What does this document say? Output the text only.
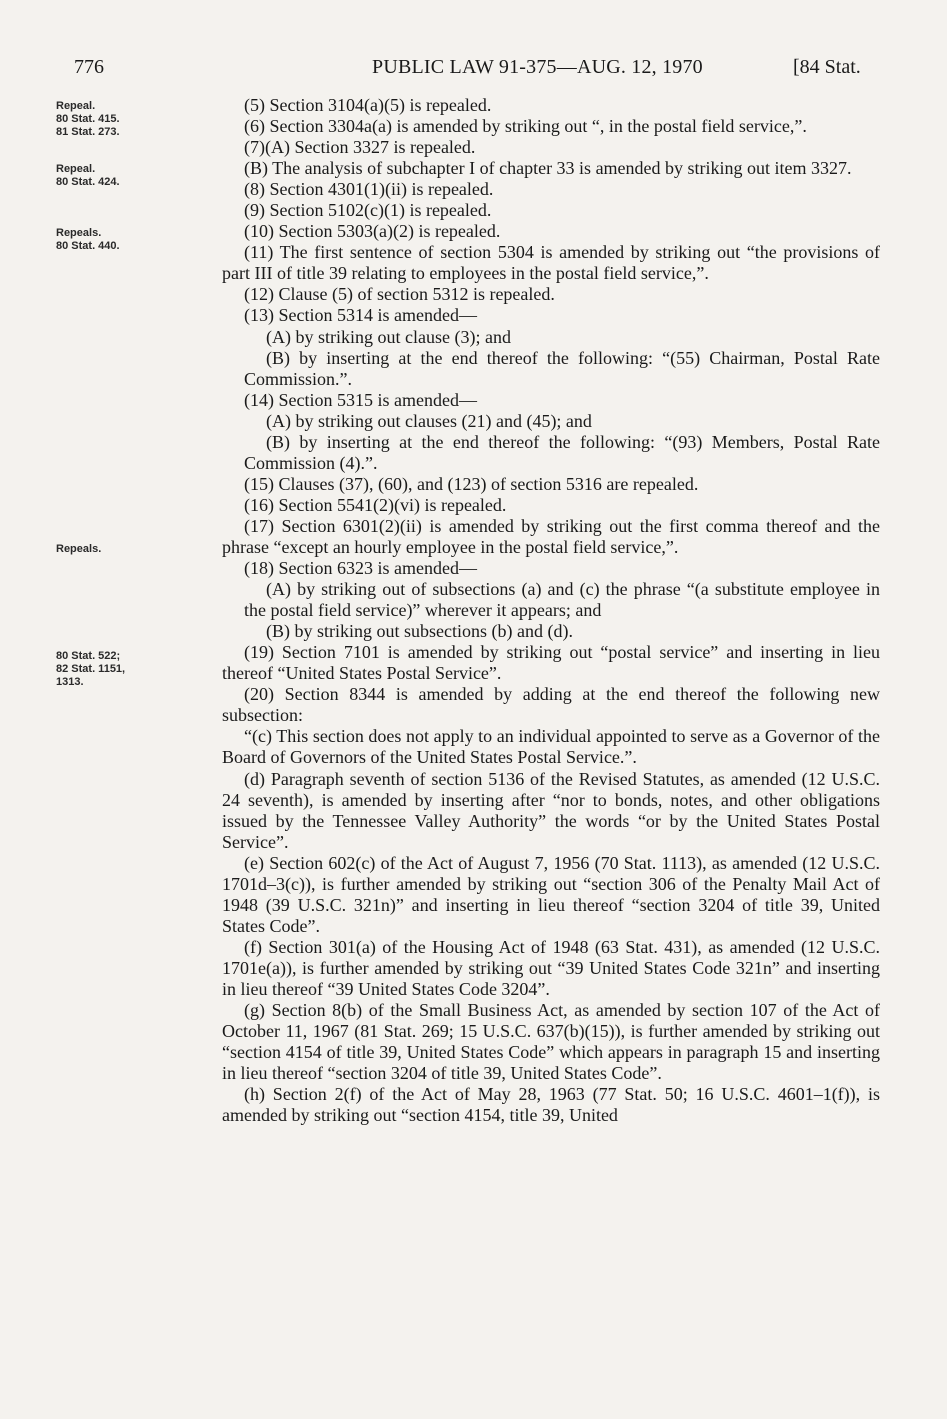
776	PUBLIC LAW 91-375—AUG. 12, 1970	[84 Stat.
Repeal.
80 Stat. 415.
81 Stat. 273.
Repeal.
80 Stat. 424.
Repeals.
80 Stat. 440.
Repeals.
80 Stat. 522;
82 Stat. 1151,
1313.

(5) Section 3104(a)(5) is repealed.

(6) Section 3304a(a) is amended by striking out “, in the postal field service,”.

(7)(A) Section 3327 is repealed.

(B) The analysis of subchapter I of chapter 33 is amended by striking out item 3327.

(8) Section 4301(1)(ii) is repealed.

(9) Section 5102(c)(1) is repealed.

(10) Section 5303(a)(2) is repealed.

(11) The first sentence of section 5304 is amended by striking out “the provisions of part III of title 39 relating to employees in the postal field service,”.

(12) Clause (5) of section 5312 is repealed.

(13) Section 5314 is amended—

(A) by striking out clause (3); and

(B) by inserting at the end thereof the following: “(55) Chairman, Postal Rate Commission.”.

(14) Section 5315 is amended—

(A) by striking out clauses (21) and (45); and

(B) by inserting at the end thereof the following: “(93) Members, Postal Rate Commission (4).”.

(15) Clauses (37), (60), and (123) of section 5316 are repealed.

(16) Section 5541(2)(vi) is repealed.

(17) Section 6301(2)(ii) is amended by striking out the first comma thereof and the phrase “except an hourly employee in the postal field service,”.

(18) Section 6323 is amended—

(A) by striking out of subsections (a) and (c) the phrase “(a substitute employee in the postal field service)” wherever it appears; and

(B) by striking out subsections (b) and (d).

(19) Section 7101 is amended by striking out “postal service” and inserting in lieu thereof “United States Postal Service”.

(20) Section 8344 is amended by adding at the end thereof the following new subsection:

“(c) This section does not apply to an individual appointed to serve as a Governor of the Board of Governors of the United States Postal Service.”.

(d) Paragraph seventh of section 5136 of the Revised Statutes, as amended (12 U.S.C. 24 seventh), is amended by inserting after “nor to bonds, notes, and other obligations issued by the Tennessee Valley Authority” the words “or by the United States Postal Service”.

(e) Section 602(c) of the Act of August 7, 1956 (70 Stat. 1113), as amended (12 U.S.C. 1701d–3(c)), is further amended by striking out “section 306 of the Penalty Mail Act of 1948 (39 U.S.C. 321n)” and inserting in lieu thereof “section 3204 of title 39, United States Code”.

(f) Section 301(a) of the Housing Act of 1948 (63 Stat. 431), as amended (12 U.S.C. 1701e(a)), is further amended by striking out “39 United States Code 321n” and inserting in lieu thereof “39 United States Code 3204”.

(g) Section 8(b) of the Small Business Act, as amended by section 107 of the Act of October 11, 1967 (81 Stat. 269; 15 U.S.C. 637(b)(15)), is further amended by striking out “section 4154 of title 39, United States Code” which appears in paragraph 15 and inserting in lieu thereof “section 3204 of title 39, United States Code”.

(h) Section 2(f) of the Act of May 28, 1963 (77 Stat. 50; 16 U.S.C. 4601–1(f)), is amended by striking out “section 4154, title 39, United
